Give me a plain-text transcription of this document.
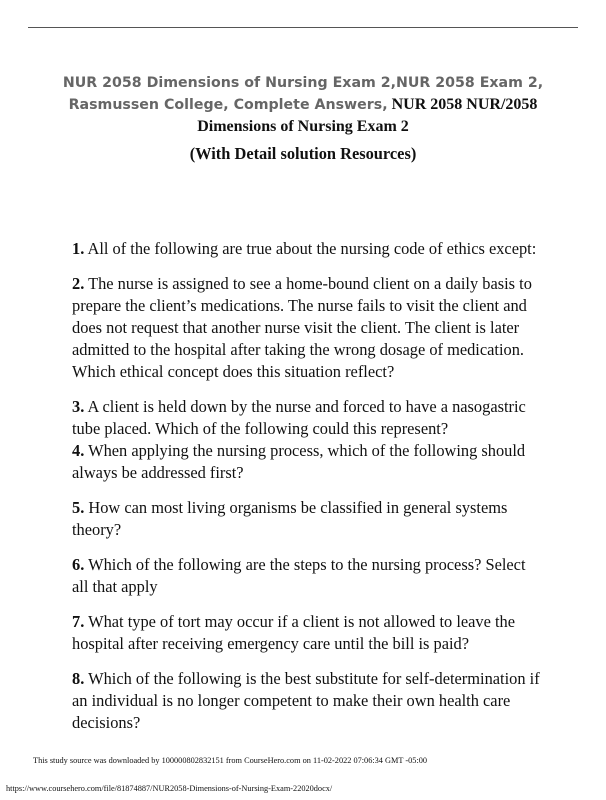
NUR 2058 Dimensions of Nursing Exam 2,NUR 2058 Exam 2, Rasmussen College, Complete Answers, NUR 2058 NUR/2058 Dimensions of Nursing Exam 2
(With Detail solution Resources)

1. All of the following are true about the nursing code of ethics except:

2. The nurse is assigned to see a home-bound client on a daily basis to prepare the client’s medications. The nurse fails to visit the client and does not request that another nurse visit the client. The client is later admitted to the hospital after taking the wrong dosage of medication. Which ethical concept does this situation reflect?

3. A client is held down by the nurse and forced to have a nasogastric tube placed. Which of the following could this represent?

4. When applying the nursing process, which of the following should always be addressed first?

5. How can most living organisms be classified in general systems theory?

6. Which of the following are the steps to the nursing process? Select all that apply

7. What type of tort may occur if a client is not allowed to leave the hospital after receiving emergency care until the bill is paid?

8. Which of the following is the best substitute for self-determination if an individual is no longer competent to make their own health care decisions?

This study source was downloaded by 100000802832151 from CourseHero.com on 11-02-2022 07:06:34 GMT -05:00
https://www.coursehero.com/file/81874887/NUR2058-Dimensions-of-Nursing-Exam-22020docx/
